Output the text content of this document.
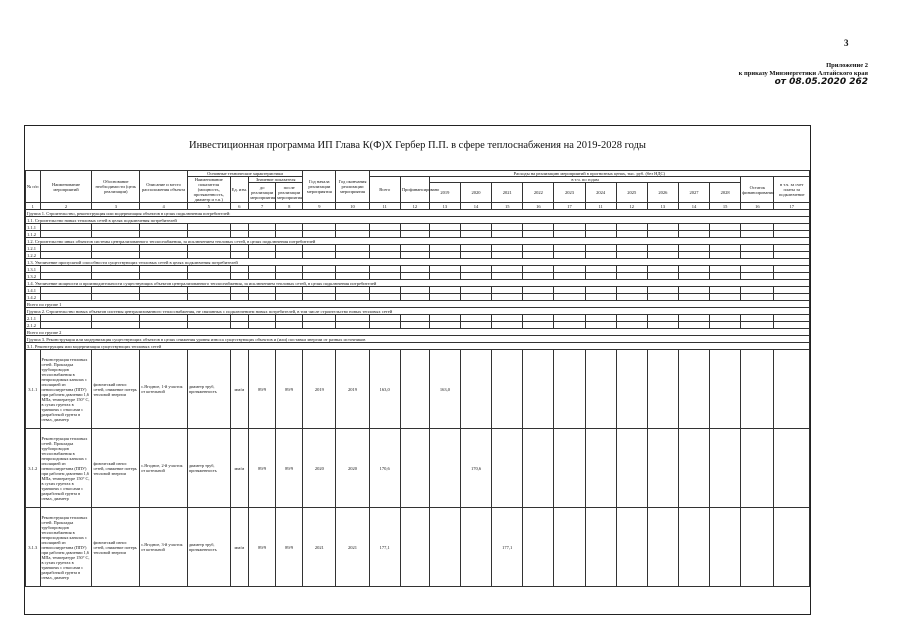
3
Приложение 2
к приказу Минэнергетики Алтайского края
от 08.05.2020 262
Инвестиционная программа ИП Глава К(Ф)Х Гербер П.П. в сфере теплоснабжения на 2019-2028 годы
№ п/п	Наименование мероприятий	Обоснование необходимости (цель реализации)	Описание и место расположения объекта	Основные технические характеристики				Год начала реализации мероприятия	Год окончания реализации мероприятия	Расходы на реализацию мероприятий в прогнозных ценах, тыс. руб. (без НДС)													
				Наименование показателя (мощность, протяженность, диаметр и т.п.)	Ед. изм.	Значение показателя				Всего	Профинансировано	в т.ч. по годам										Остаток финансирования	в т.ч. за счет платы за подключение
						до реализации мероприятия	после реализации мероприятия					2019	2020	2021	2022	2023	2024	2025	2026	2027	2028		

1	2	3	4	5	6	7	8	9	10	11	12	13	14	15	16	17	11	12	13	14	15	16	17
Группа 1. Строительство, реконструкция или модернизация объектов в целях подключения потребителей:																							
1.1. Строительство новых тепловых сетей в целях подключения потребителей																							
1.1.1																							
1.1.2																							
1.2. Строительство иных объектов системы централизованного теплоснабжения, за исключением тепловых сетей, в целях подключения потребителей																							
1.2.1																							
1.2.2																							
1.3. Увеличение пропускной способности существующих тепловых сетей в целях подключения потребителей																							
1.3.1																							
1.3.2																							
1.4. Увеличение мощности и производительности существующих объектов централизованного теплоснабжения, за исключением тепловых сетей, в целях подключения потребителей																							
1.4.1																							
1.4.2																							
Всего по группе 1																							
Группа 2. Строительство новых объектов системы централизованного теплоснабжения, не связанных с подключением новых потребителей, в том числе строительство новых тепловых сетей																							
2.1.1																							
2.1.2																							
Всего по группе 2																							
Группа 3. Реконструкция или модернизация существующих объектов в целях снижения уровня износа существующих объектов и (или) поставки энергии от разных источников																							
3.1. Реконструкция или модернизация существующих тепловых сетей																							
3.1.1	Реконструкция тепловых сетей. Прокладка трубопроводов теплоснабжения в непроходимых каналах с изоляцией из пенополиуретана (ППУ) при рабочем давлении 1,6 МПа, температуре 150° С, в сухих грунтах в траншеях с откосами с разработкой грунта в отвал, диаметр	физический износ сетей, снижение потерь тепловой энергии	с.Ягодное, 1-й участок от котельной	диаметр труб, протяженность	мм/м	89/9	89/9	2019	2019	163,0		163,0											
3.1.2	Реконструкция тепловых сетей. Прокладка трубопроводов теплоснабжения в непроходимых каналах с изоляцией из пенополиуретана (ППУ) при рабочем давлении 1,6 МПа, температуре 150° С, в сухих грунтах в траншеях с откосами с разработкой грунта в отвал, диаметр	физический износ сетей, снижение потерь тепловой энергии	с.Ягодное, 2-й участок от котельной	диаметр труб, протяженность	мм/м	89/9	89/9	2020	2020	170,6			170,6										
3.1.3	Реконструкция тепловых сетей. Прокладка трубопроводов теплоснабжения в непроходимых каналах с изоляцией из пенополиуретана (ППУ) при рабочем давлении 1,6 МПа, температуре 150° С, в сухих грунтах в траншеях с откосами с разработкой грунта в отвал, диаметр	физический износ сетей, снижение потерь тепловой энергии	с.Ягодное, 3-й участок от котельной	диаметр труб, протяженность	мм/м	89/9	89/9	2021	2021	177,1				177,1									
